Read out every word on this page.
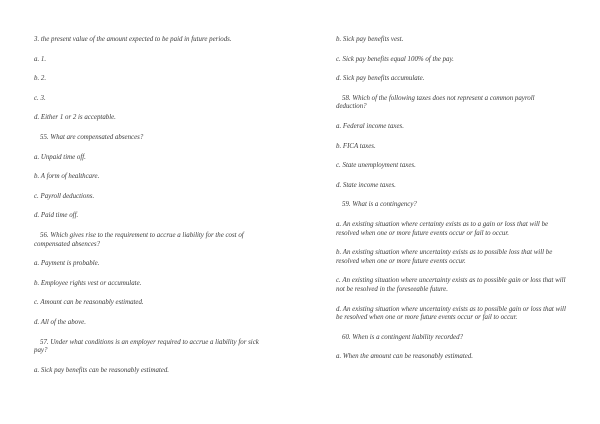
3. the present value of the amount expected to be paid in future periods.
a. 1.
b. 2.
c. 3.
d. Either 1 or 2 is acceptable.
55. What are compensated absences?
a. Unpaid time off.
b. A form of healthcare.
c. Payroll deductions.
d. Paid time off.
56. Which gives rise to the requirement to accrue a liability for the cost of compensated absences?
a. Payment is probable.
b. Employee rights vest or accumulate.
c. Amount can be reasonably estimated.
d. All of the above.
57. Under what conditions is an employer required to accrue a liability for sick pay?
a. Sick pay benefits can be reasonably estimated.
b. Sick pay benefits vest.
c. Sick pay benefits equal 100% of the pay.
d. Sick pay benefits accumulate.
58. Which of the following taxes does not represent a common payroll deduction?
a. Federal income taxes.
b. FICA taxes.
c. State unemployment taxes.
d. State income taxes.
59. What is a contingency?
a. An existing situation where certainty exists as to a gain or loss that will be resolved when one or more future events occur or fail to occur.
b. An existing situation where uncertainty exists as to possible loss that will be resolved when one or more future events occur.
c. An existing situation where uncertainty exists as to possible gain or loss that will not be resolved in the foreseeable future.
d. An existing situation where uncertainty exists as to possible gain or loss that will be resolved when one or more future events occur or fail to occur.
60. When is a contingent liability recorded?
a. When the amount can be reasonably estimated.
